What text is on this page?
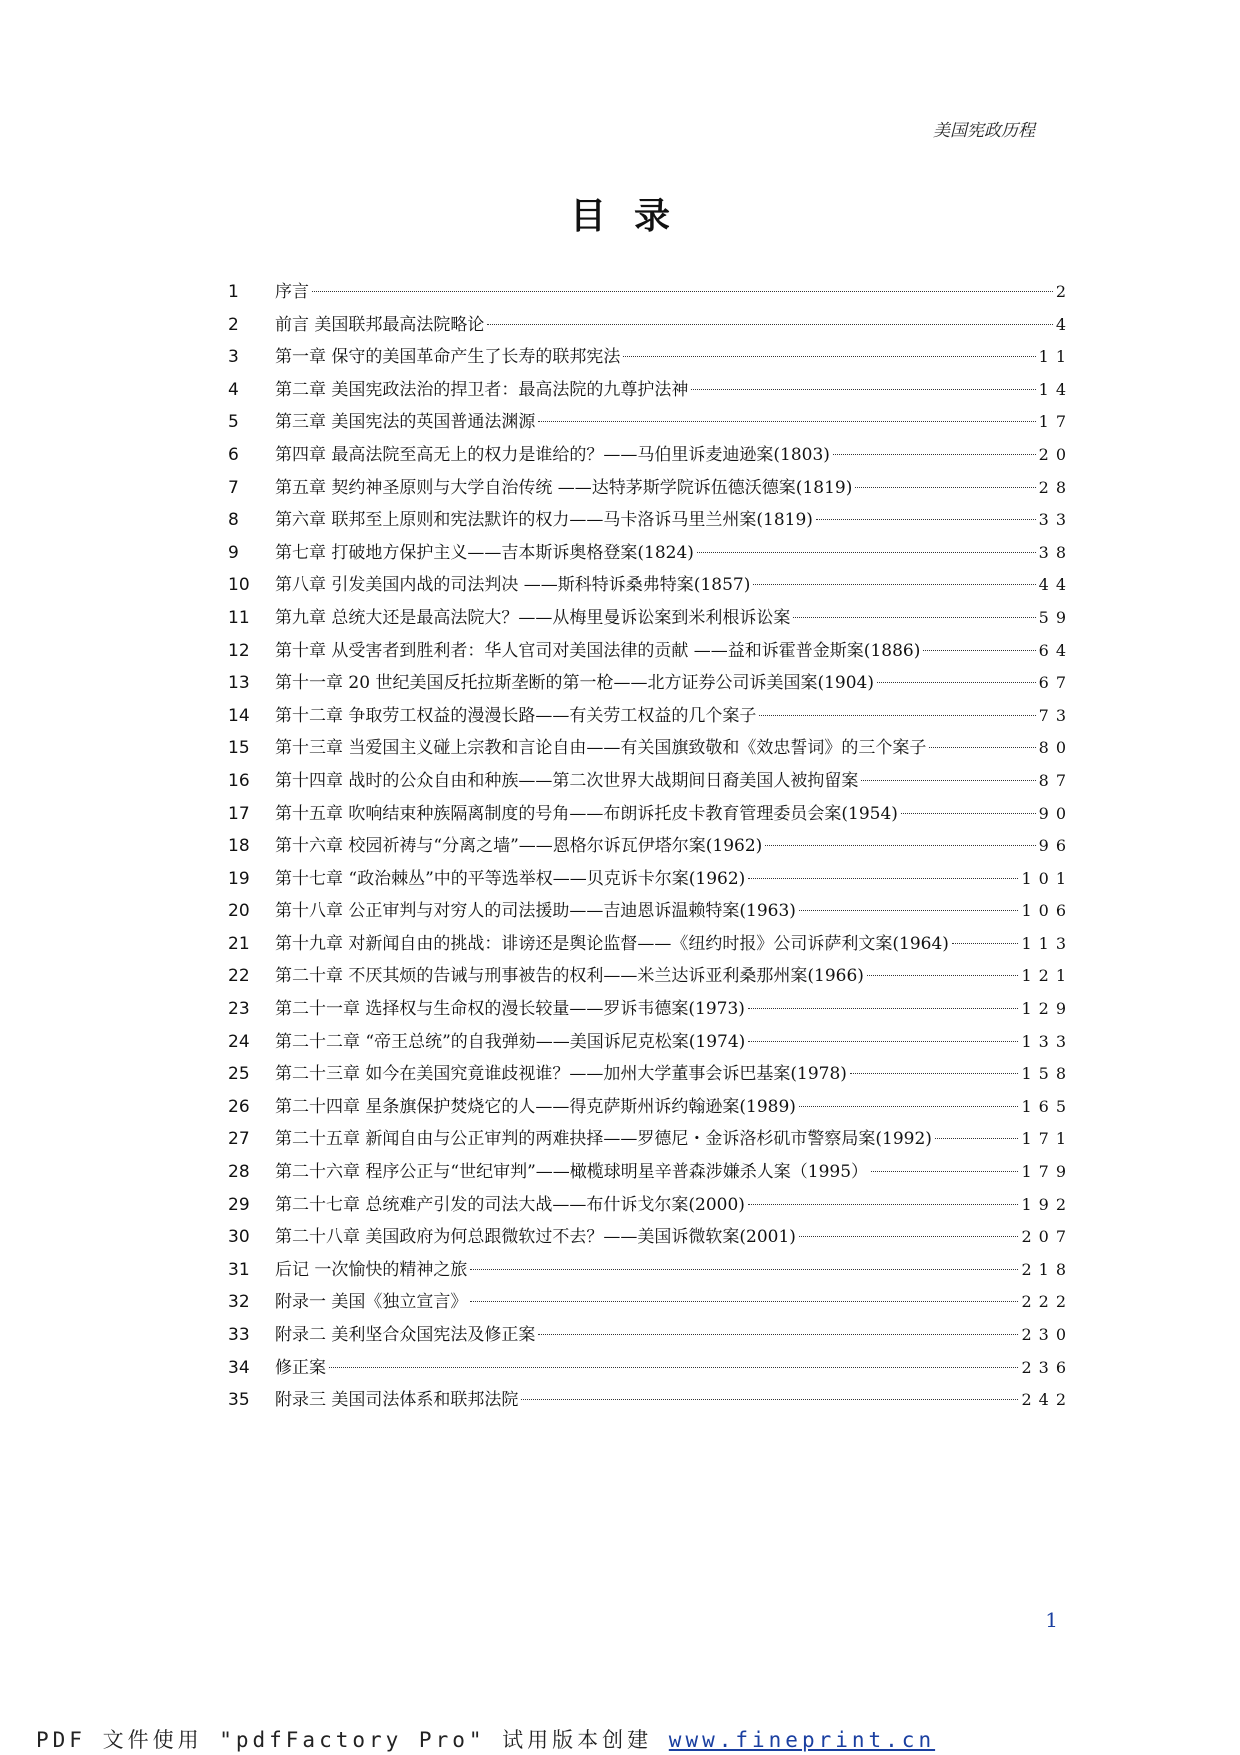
美国宪政历程
目录
1	序言	2
2	前言 美国联邦最高法院略论	4
3	第一章 保守的美国革命产生了长寿的联邦宪法	11
4	第二章 美国宪政法治的捍卫者：最高法院的九尊护法神	14
5	第三章 美国宪法的英国普通法渊源	17
6	第四章 最高法院至高无上的权力是谁给的？——马伯里诉麦迪逊案(1803)	20
7	第五章 契约神圣原则与大学自治传统 ——达特茅斯学院诉伍德沃德案(1819)	28
8	第六章 联邦至上原则和宪法默许的权力——马卡洛诉马里兰州案(1819)	33
9	第七章 打破地方保护主义——吉本斯诉奥格登案(1824)	38
10	第八章 引发美国内战的司法判决 ——斯科特诉桑弗特案(1857)	44
11	第九章 总统大还是最高法院大？——从梅里曼诉讼案到米利根诉讼案	59
12	第十章 从受害者到胜利者：华人官司对美国法律的贡献 ——益和诉霍普金斯案(1886)	64
13	第十一章 20 世纪美国反托拉斯垄断的第一枪——北方证券公司诉美国案(1904)	67
14	第十二章 争取劳工权益的漫漫长路——有关劳工权益的几个案子	73
15	第十三章 当爱国主义碰上宗教和言论自由——有关国旗致敬和《效忠誓词》的三个案子	80
16	第十四章 战时的公众自由和种族——第二次世界大战期间日裔美国人被拘留案	87
17	第十五章 吹响结束种族隔离制度的号角——布朗诉托皮卡教育管理委员会案(1954)	90
18	第十六章 校园祈祷与“分离之墙”——恩格尔诉瓦伊塔尔案(1962)	96
19	第十七章 “政治棘丛”中的平等选举权——贝克诉卡尔案(1962)	101
20	第十八章 公正审判与对穷人的司法援助——吉迪恩诉温赖特案(1963)	106
21	第十九章 对新闻自由的挑战：诽谤还是舆论监督——《纽约时报》公司诉萨利文案(1964)	113
22	第二十章 不厌其烦的告诫与刑事被告的权利——米兰达诉亚利桑那州案(1966)	121
23	第二十一章 选择权与生命权的漫长较量——罗诉韦德案(1973)	129
24	第二十二章 “帝王总统”的自我弹劾——美国诉尼克松案(1974)	133
25	第二十三章 如今在美国究竟谁歧视谁？——加州大学董事会诉巴基案(1978)	158
26	第二十四章 星条旗保护焚烧它的人——得克萨斯州诉约翰逊案(1989)	165
27	第二十五章 新闻自由与公正审判的两难抉择——罗德尼・金诉洛杉矶市警察局案(1992)	171
28	第二十六章 程序公正与“世纪审判”——橄榄球明星辛普森涉嫌杀人案（1995）	179
29	第二十七章 总统难产引发的司法大战——布什诉戈尔案(2000)	192
30	第二十八章 美国政府为何总跟微软过不去？——美国诉微软案(2001)	207
31	后记 一次愉快的精神之旅	218
32	附录一 美国《独立宣言》	222
33	附录二 美利坚合众国宪法及修正案	230
34	修正案	236
35	附录三 美国司法体系和联邦法院	242
1
PDF 文件使用 "pdfFactory Pro" 试用版本创建 www.fineprint.cn
